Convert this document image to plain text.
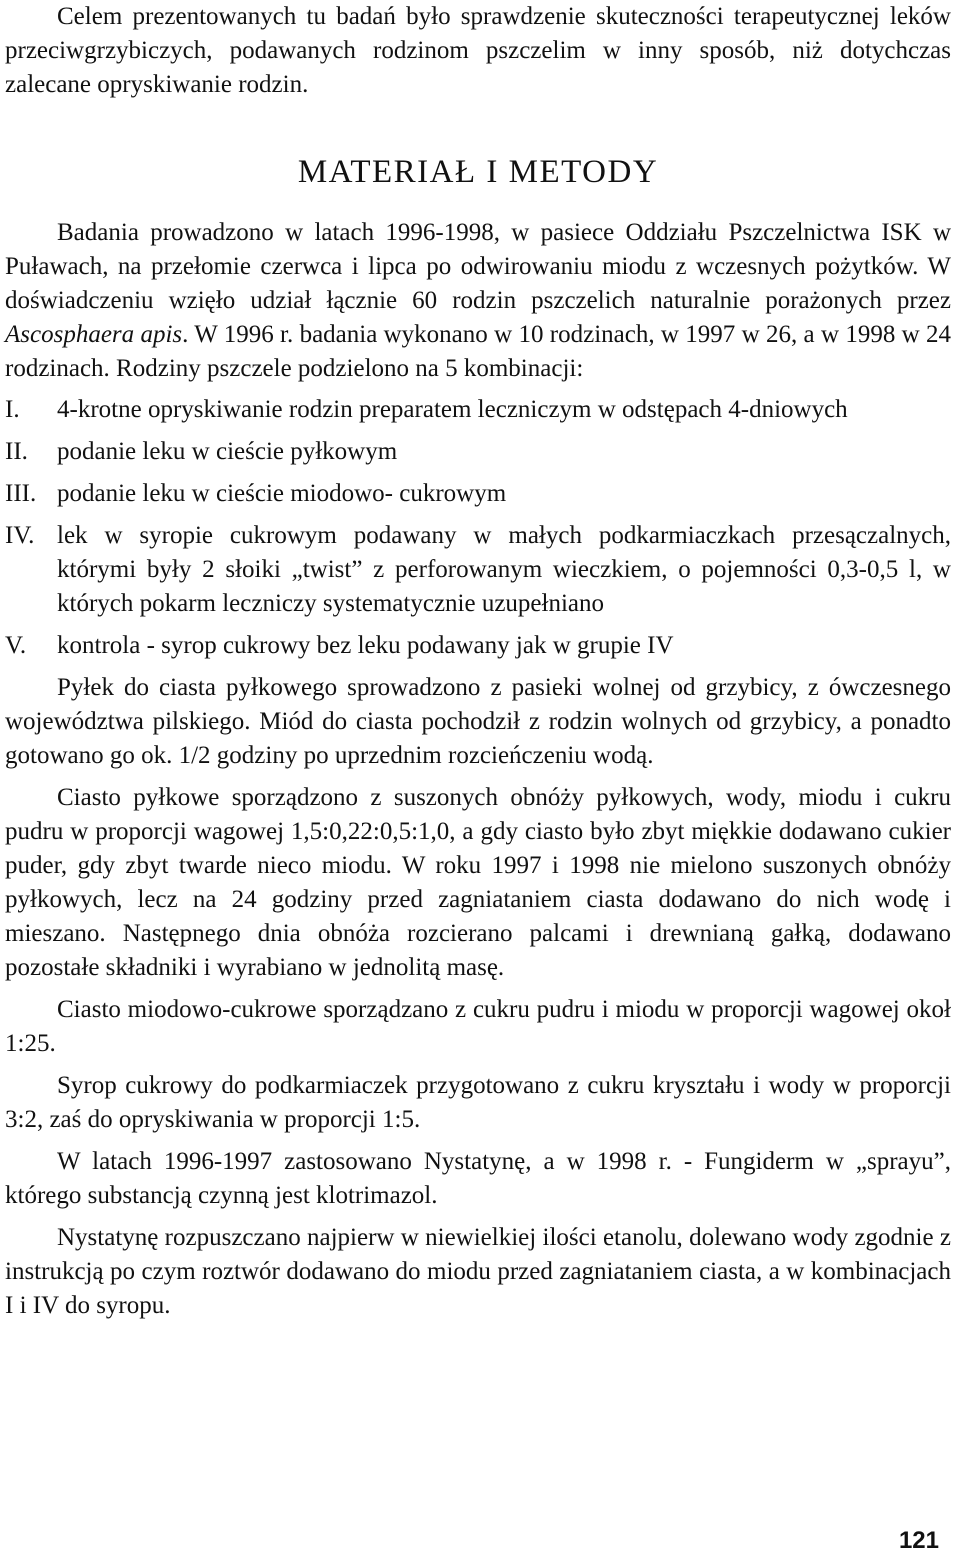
Celem prezentowanych tu badań było sprawdzenie skuteczności terapeutycznej leków przeciwgrzybiczych, podawanych rodzinom pszczelim w inny sposób, niż dotychczas zalecane opryskiwanie rodzin.

MATERIAŁ I METODY

Badania prowadzono w latach 1996-1998, w pasiece Oddziału Pszczelnictwa ISK w Puławach, na przełomie czerwca i lipca po odwirowaniu miodu z wczesnych pożytków. W doświadczeniu wzięło udział łącznie 60 rodzin pszczelich naturalnie porażonych przez Ascosphaera apis. W 1996 r. badania wykonano w 10 rodzinach, w 1997 w 26, a w 1998 w 24 rodzinach. Rodziny pszczele podzielono na 5 kombinacji:

I.	4-krotne opryskiwanie rodzin preparatem leczniczym w odstępach 4-dniowych
II.	podanie leku w cieście pyłkowym
III. podanie leku w cieście miodowo- cukrowym
IV. lek w syropie cukrowym podawany w małych podkarmiaczkach przesączalnych, którymi były 2 słoiki „twist” z perforowanym wieczkiem, o pojemności 0,3-0,5 l, w których pokarm leczniczy systematycznie uzupełniano
V.	kontrola - syrop cukrowy bez leku podawany jak w grupie IV

Pyłek do ciasta pyłkowego sprowadzono z pasieki wolnej od grzybicy, z ówczesnego województwa pilskiego. Miód do ciasta pochodził z rodzin wolnych od grzybicy, a ponadto gotowano go ok. 1/2 godziny po uprzednim rozcieńczeniu wodą.

Ciasto pyłkowe sporządzono z suszonych obnóży pyłkowych, wody, miodu i cukru pudru w proporcji wagowej 1,5:0,22:0,5:1,0, a gdy ciasto było zbyt miękkie dodawano cukier puder, gdy zbyt twarde nieco miodu. W roku 1997 i 1998 nie mielono suszonych obnóży pyłkowych, lecz na 24 godziny przed zagniataniem ciasta dodawano do nich wodę i mieszano. Następnego dnia obnóża rozcierano palcami i drewnianą gałką, dodawano pozostałe składniki i wyrabiano w jednolitą masę.

Ciasto miodowo-cukrowe sporządzano z cukru pudru i miodu w proporcji wagowej okoł 1:25.

Syrop cukrowy do podkarmiaczek przygotowano z cukru kryształu i wody w proporcji 3:2, zaś do opryskiwania w proporcji 1:5.

W latach 1996-1997 zastosowano Nystatynę, a w 1998 r. - Fungiderm w „sprayu”, którego substancją czynną jest klotrimazol.

Nystatynę rozpuszczano najpierw w niewielkiej ilości etanolu, dolewano wody zgodnie z instrukcją po czym roztwór dodawano do miodu przed zagniataniem ciasta, a w kombinacjach I i IV do syropu.

121
